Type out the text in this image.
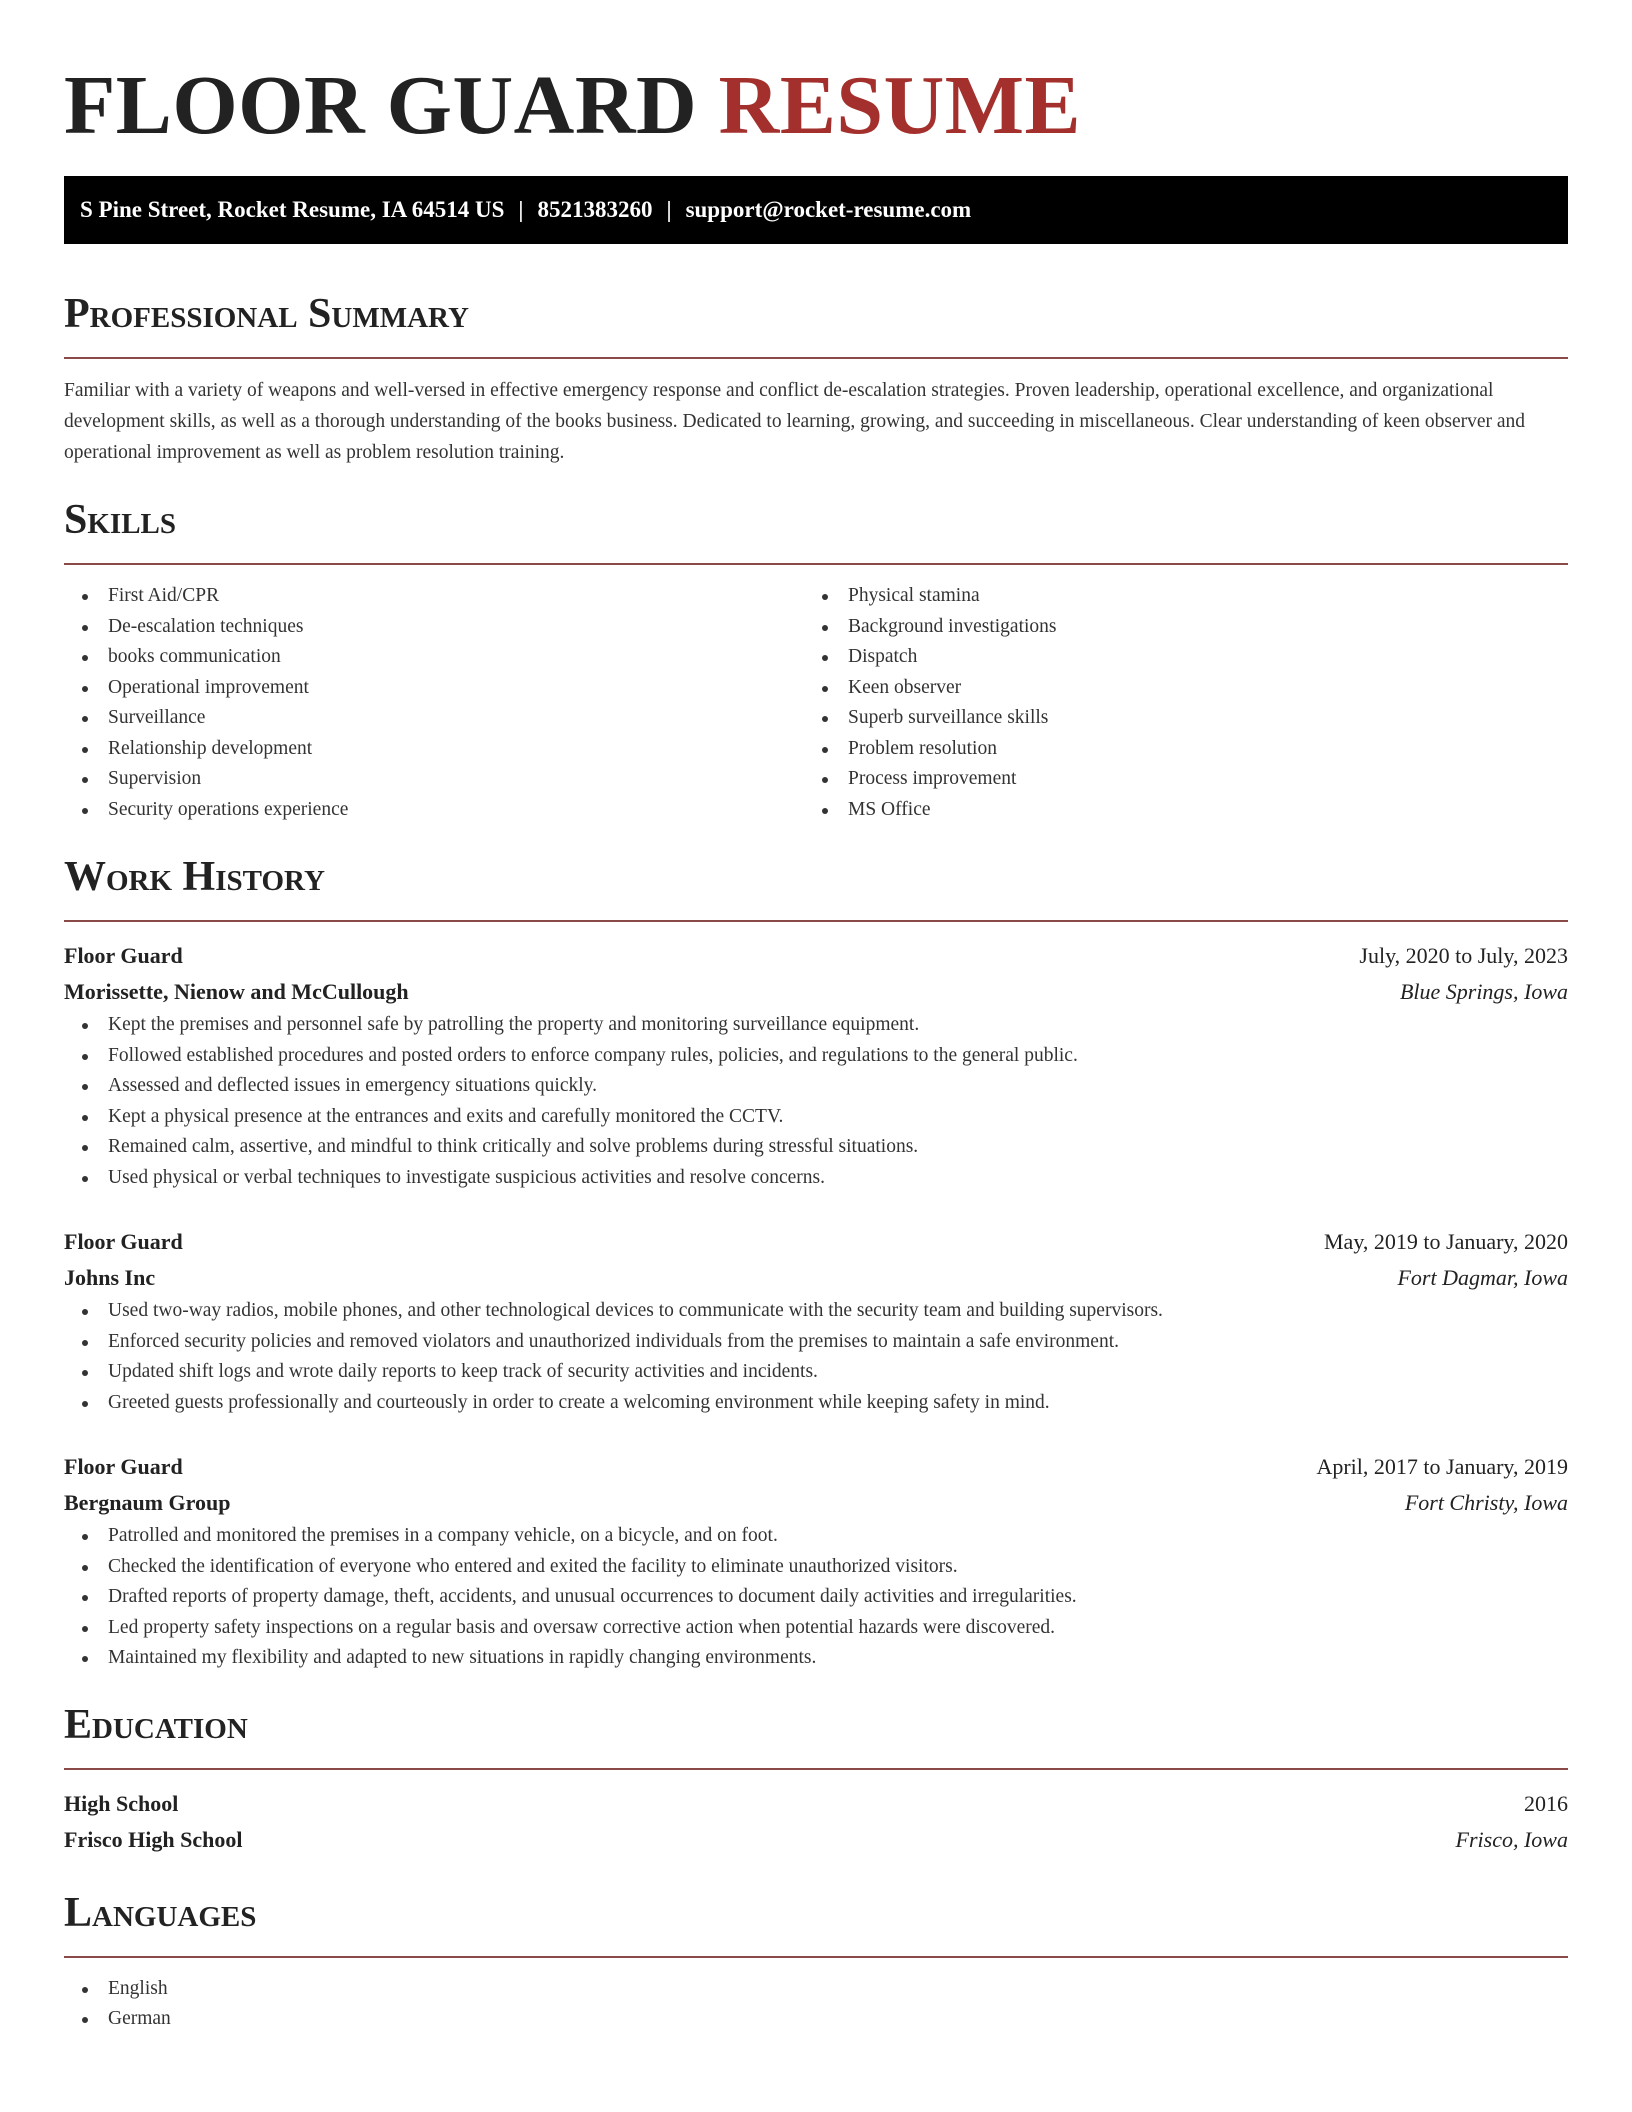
FLOOR GUARD RESUME
S Pine Street, Rocket Resume, IA 64514 US | 8521383260 | support@rocket-resume.com
Professional Summary

Familiar with a variety of weapons and well-versed in effective emergency response and conflict de-escalation strategies. Proven leadership, operational excellence, and organizational development skills, as well as a thorough understanding of the books business. Dedicated to learning, growing, and succeeding in miscellaneous. Clear understanding of keen observer and operational improvement as well as problem resolution training.

Skills
First Aid/CPR
De-escalation techniques
books communication
Operational improvement
Surveillance
Relationship development
Supervision
Security operations experience
Physical stamina
Background investigations
Dispatch
Keen observer
Superb surveillance skills
Problem resolution
Process improvement
MS Office
Work History
Floor Guard	July, 2020 to July, 2023
Morissette, Nienow and McCullough	Blue Springs, Iowa
Kept the premises and personnel safe by patrolling the property and monitoring surveillance equipment.
Followed established procedures and posted orders to enforce company rules, policies, and regulations to the general public.
Assessed and deflected issues in emergency situations quickly.
Kept a physical presence at the entrances and exits and carefully monitored the CCTV.
Remained calm, assertive, and mindful to think critically and solve problems during stressful situations.
Used physical or verbal techniques to investigate suspicious activities and resolve concerns.
Floor Guard	May, 2019 to January, 2020
Johns Inc	Fort Dagmar, Iowa
Used two-way radios, mobile phones, and other technological devices to communicate with the security team and building supervisors.
Enforced security policies and removed violators and unauthorized individuals from the premises to maintain a safe environment.
Updated shift logs and wrote daily reports to keep track of security activities and incidents.
Greeted guests professionally and courteously in order to create a welcoming environment while keeping safety in mind.
Floor Guard	April, 2017 to January, 2019
Bergnaum Group	Fort Christy, Iowa
Patrolled and monitored the premises in a company vehicle, on a bicycle, and on foot.
Checked the identification of everyone who entered and exited the facility to eliminate unauthorized visitors.
Drafted reports of property damage, theft, accidents, and unusual occurrences to document daily activities and irregularities.
Led property safety inspections on a regular basis and oversaw corrective action when potential hazards were discovered.
Maintained my flexibility and adapted to new situations in rapidly changing environments.
Education
High School	2016
Frisco High School	Frisco, Iowa
Languages
English
German
